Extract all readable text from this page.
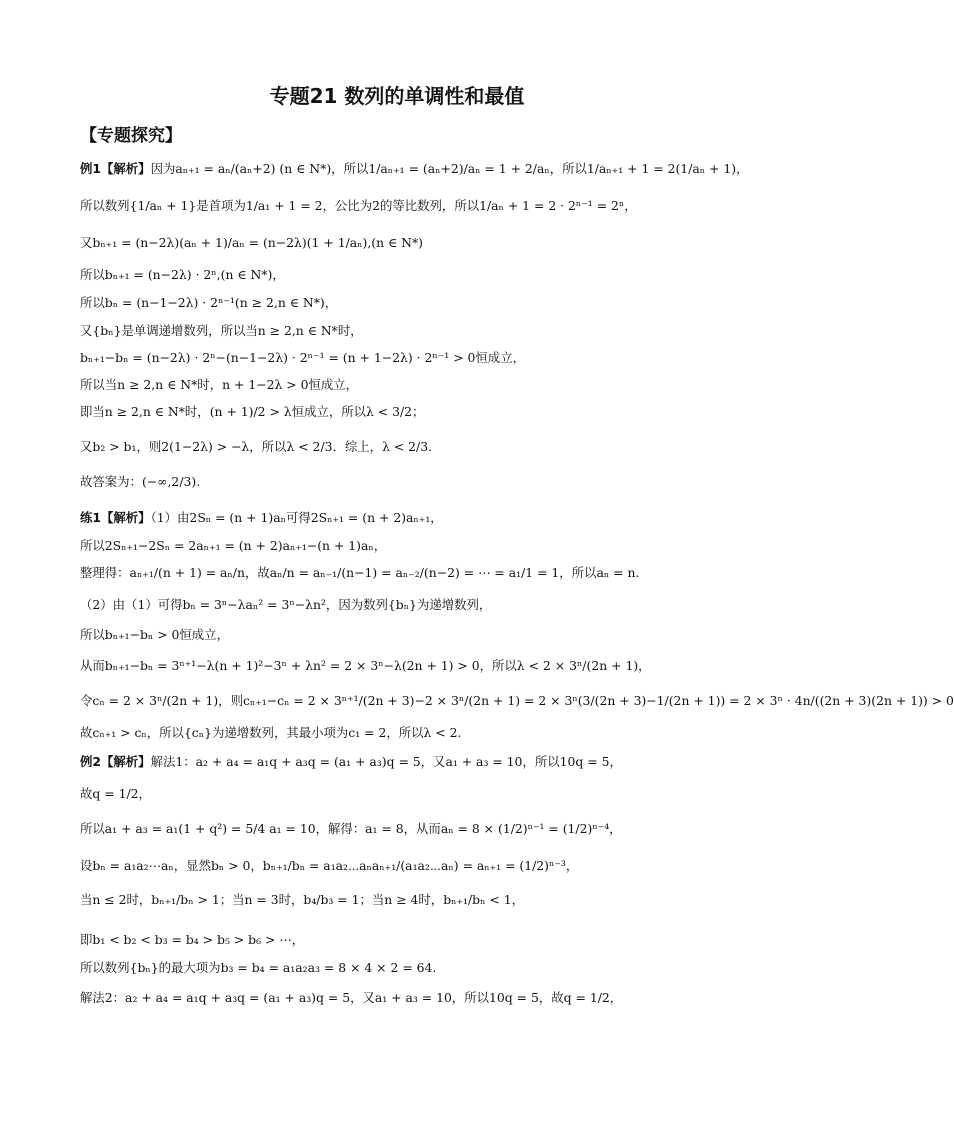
专题21 数列的单调性和最值
【专题探究】
例1【解析】因为aₙ₊₁ = aₙ/(aₙ+2) (n ∈ N*)，所以1/aₙ₊₁ = (aₙ+2)/aₙ = 1 + 2/aₙ，所以1/aₙ₊₁ + 1 = 2(1/aₙ + 1)，
所以数列{1/aₙ + 1}是首项为1/a₁ + 1 = 2，公比为2的等比数列，所以1/aₙ + 1 = 2 · 2ⁿ⁻¹ = 2ⁿ，
又bₙ₊₁ = (n−2λ)(aₙ + 1)/aₙ = (n−2λ)(1 + 1/aₙ),(n ∈ N*)
所以bₙ₊₁ = (n−2λ) · 2ⁿ,(n ∈ N*)，
所以bₙ = (n−1−2λ) · 2ⁿ⁻¹(n ≥ 2,n ∈ N*)，
又{bₙ}是单调递增数列，所以当n ≥ 2,n ∈ N*时，
bₙ₊₁−bₙ = (n−2λ) · 2ⁿ−(n−1−2λ) · 2ⁿ⁻¹ = (n + 1−2λ) · 2ⁿ⁻¹ > 0恒成立，
所以当n ≥ 2,n ∈ N*时，n + 1−2λ > 0恒成立，
即当n ≥ 2,n ∈ N*时，(n + 1)/2 > λ恒成立，所以λ < 3/2；
又b₂ > b₁，则2(1−2λ) > −λ，所以λ < 2/3．综上，λ < 2/3.
故答案为：(−∞,2/3).
练1【解析】（1）由2Sₙ = (n + 1)aₙ可得2Sₙ₊₁ = (n + 2)aₙ₊₁，
所以2Sₙ₊₁−2Sₙ = 2aₙ₊₁ = (n + 2)aₙ₊₁−(n + 1)aₙ，
整理得：aₙ₊₁/(n + 1) = aₙ/n，故aₙ/n = aₙ₋₁/(n−1) = aₙ₋₂/(n−2) = ⋯ = a₁/1 = 1，所以aₙ = n.
（2）由（1）可得bₙ = 3ⁿ−λaₙ² = 3ⁿ−λn²，因为数列{bₙ}为递增数列，
所以bₙ₊₁−bₙ > 0恒成立，
从而bₙ₊₁−bₙ = 3ⁿ⁺¹−λ(n + 1)²−3ⁿ + λn² = 2 × 3ⁿ−λ(2n + 1) > 0，所以λ < 2 × 3ⁿ/(2n + 1)，
令cₙ = 2 × 3ⁿ/(2n + 1)，则cₙ₊₁−cₙ = 2 × 3ⁿ⁺¹/(2n + 3)−2 × 3ⁿ/(2n + 1) = 2 × 3ⁿ(3/(2n + 3)−1/(2n + 1)) = 2 × 3ⁿ · 4n/((2n + 3)(2n + 1)) > 0
故cₙ₊₁ > cₙ，所以{cₙ}为递增数列，其最小项为c₁ = 2，所以λ < 2.
例2【解析】解法1：a₂ + a₄ = a₁q + a₃q = (a₁ + a₃)q = 5，又a₁ + a₃ = 10，所以10q = 5，
故q = 1/2，
所以a₁ + a₃ = a₁(1 + q²) = 5/4 a₁ = 10，解得：a₁ = 8，从而aₙ = 8 × (1/2)ⁿ⁻¹ = (1/2)ⁿ⁻⁴，
设bₙ = a₁a₂⋯aₙ，显然bₙ > 0，bₙ₊₁/bₙ = a₁a₂⋯aₙaₙ₊₁/(a₁a₂⋯aₙ) = aₙ₊₁ = (1/2)ⁿ⁻³，
当n ≤ 2时，bₙ₊₁/bₙ > 1；当n = 3时，b₄/b₃ = 1；当n ≥ 4时，bₙ₊₁/bₙ < 1，
即b₁ < b₂ < b₃ = b₄ > b₅ > b₆ > ⋯，
所以数列{bₙ}的最大项为b₃ = b₄ = a₁a₂a₃ = 8 × 4 × 2 = 64.
解法2：a₂ + a₄ = a₁q + a₃q = (a₁ + a₃)q = 5，又a₁ + a₃ = 10，所以10q = 5，故q = 1/2，
